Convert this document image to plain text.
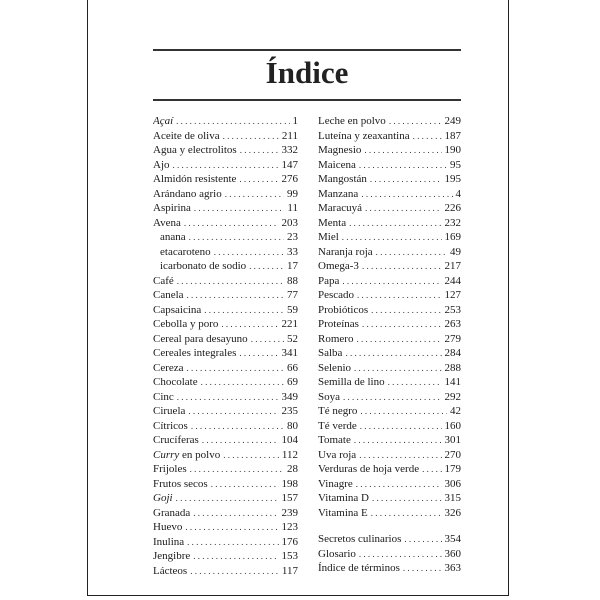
Índice
Açaí . . .	1
Aceite de oliva . . .	211
Agua y electrolitos . . .	332
Ajo . . .	147
Almidón resistente . . .	276
Arándano agrio . . .	99
Aspirina . . .	11
Avena . . .	203
anana . . .	23
etacaroteno . . .	33
icarbonato de sodio . . .	17
Café . . .	88
Canela . . .	77
Capsaicina . . .	59
Cebolla y poro . . .	221
Cereal para desayuno . . .	52
Cereales integrales . . .	341
Cereza . . .	66
Chocolate . . .	69
Cinc . . .	349
Ciruela . . .	235
Cítricos . . .	80
Crucíferas . . .	104
Curry en polvo . . .	112
Frijoles . . .	28
Frutos secos . . .	198
Goji . . .	157
Granada . . .	239
Huevo . . .	123
Inulina . . .	176
Jengibre . . .	153
Lácteos . . .	117
Leche en polvo . . .	249
Luteína y zeaxantina . . .	187
Magnesio . . .	190
Maicena . . .	95
Mangostán . . .	195
Manzana . . .	4
Maracuyá . . .	226
Menta . . .	232
Miel . . .	169
Naranja roja . . .	49
Omega-3 . . .	217
Papa . . .	244
Pescado . . .	127
Probióticos . . .	253
Proteínas . . .	263
Romero . . .	279
Salba . . .	284
Selenio . . .	288
Semilla de lino . . .	141
Soya . . .	292
Té negro . . .	42
Té verde . . .	160
Tomate . . .	301
Uva roja . . .	270
Verduras de hoja verde . . . 179
Vinagre . . .	306
Vitamina D . . .	315
Vitamina E . . .	326
Secretos culinarios . . .	354
Glosario . . .	360
Índice de términos . . .	363
